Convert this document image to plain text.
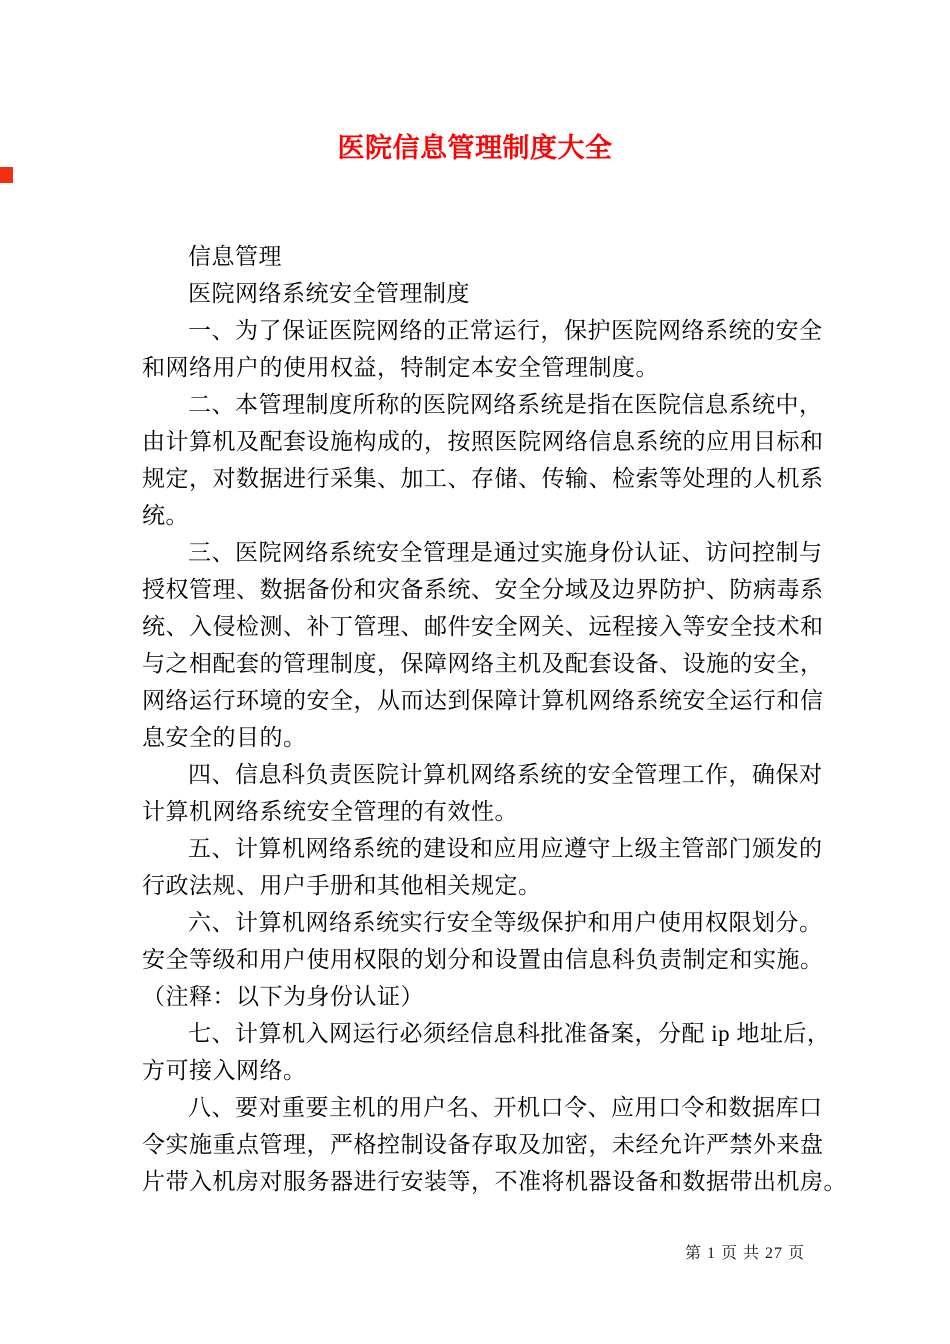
医院信息管理制度大全
信息管理
医院网络系统安全管理制度
一、为了保证医院网络的正常运行，保护医院网络系统的安全
和网络用户的使用权益，特制定本安全管理制度。
二、本管理制度所称的医院网络系统是指在医院信息系统中，
由计算机及配套设施构成的，按照医院网络信息系统的应用目标和
规定，对数据进行采集、加工、存储、传输、检索等处理的人机系
统。
三、医院网络系统安全管理是通过实施身份认证、访问控制与
授权管理、数据备份和灾备系统、安全分域及边界防护、防病毒系
统、入侵检测、补丁管理、邮件安全网关、远程接入等安全技术和
与之相配套的管理制度，保障网络主机及配套设备、设施的安全，
网络运行环境的安全，从而达到保障计算机网络系统安全运行和信
息安全的目的。
四、信息科负责医院计算机网络系统的安全管理工作，确保对
计算机网络系统安全管理的有效性。
五、计算机网络系统的建设和应用应遵守上级主管部门颁发的
行政法规、用户手册和其他相关规定。
六、计算机网络系统实行安全等级保护和用户使用权限划分。
安全等级和用户使用权限的划分和设置由信息科负责制定和实施。
（注释：以下为身份认证）
七、计算机入网运行必须经信息科批准备案，分配 ip 地址后，
方可接入网络。
八、要对重要主机的用户名、开机口令、应用口令和数据库口
令实施重点管理，严格控制设备存取及加密，未经允许严禁外来盘
片带入机房对服务器进行安装等，不准将机器设备和数据带出机房。
第 1 页 共 27 页
